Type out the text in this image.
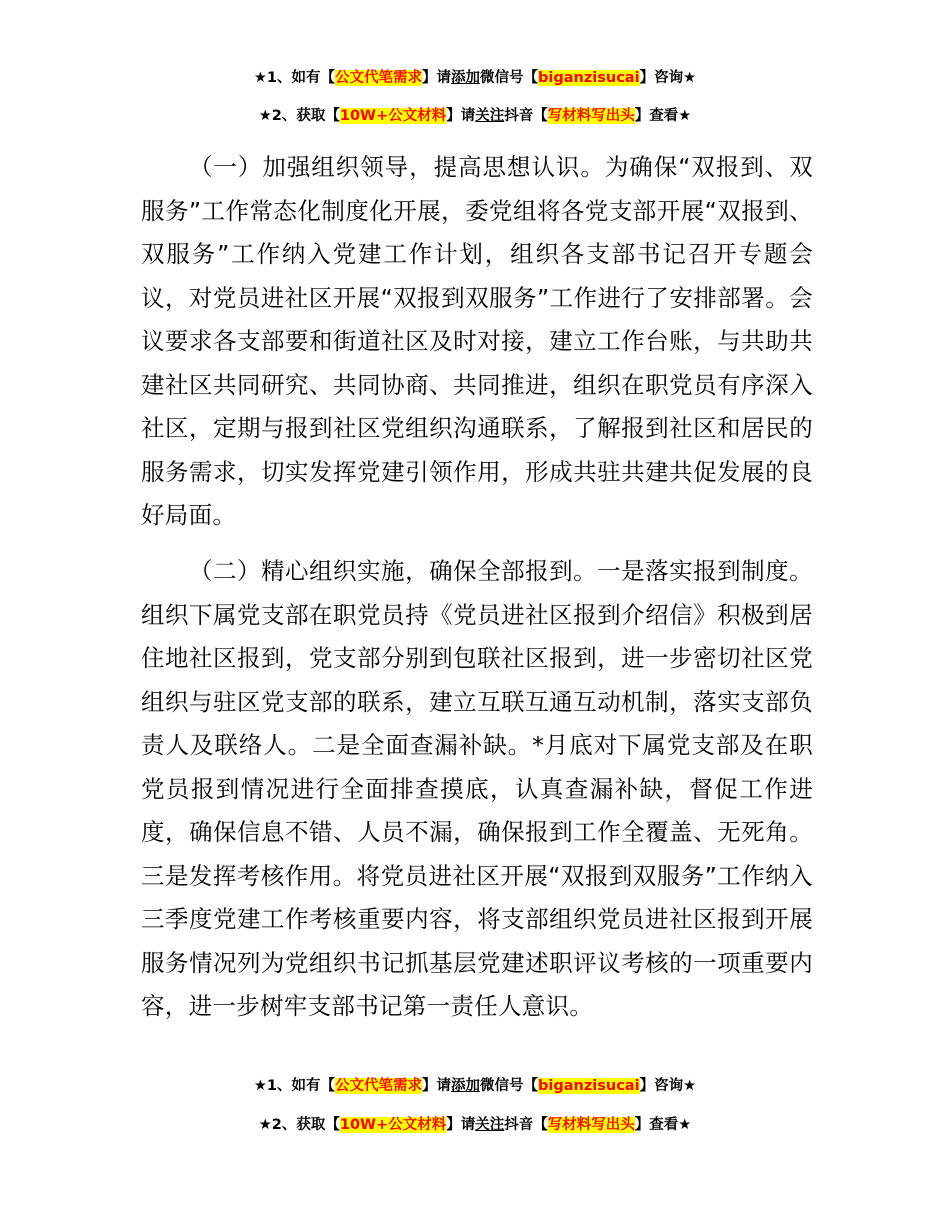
★1、如有【公文代笔需求】请添加微信号【biganzisucai】咨询★
★2、获取【10W+公文材料】请关注抖音【写材料写出头】查看★

（一）加强组织领导，提高思想认识。为确保“双报到、双服务”工作常态化制度化开展，委党组将各党支部开展“双报到、双服务”工作纳入党建工作计划，组织各支部书记召开专题会议，对党员进社区开展“双报到双服务”工作进行了安排部署。会议要求各支部要和街道社区及时对接，建立工作台账，与共助共建社区共同研究、共同协商、共同推进，组织在职党员有序深入社区，定期与报到社区党组织沟通联系，了解报到社区和居民的服务需求，切实发挥党建引领作用，形成共驻共建共促发展的良好局面。

（二）精心组织实施，确保全部报到。一是落实报到制度。组织下属党支部在职党员持《党员进社区报到介绍信》积极到居住地社区报到，党支部分别到包联社区报到，进一步密切社区党组织与驻区党支部的联系，建立互联互通互动机制，落实支部负责人及联络人。二是全面查漏补缺。*月底对下属党支部及在职党员报到情况进行全面排查摸底，认真查漏补缺，督促工作进度，确保信息不错、人员不漏，确保报到工作全覆盖、无死角。三是发挥考核作用。将党员进社区开展“双报到双服务”工作纳入三季度党建工作考核重要内容，将支部组织党员进社区报到开展服务情况列为党组织书记抓基层党建述职评议考核的一项重要内容，进一步树牢支部书记第一责任人意识。

★1、如有【公文代笔需求】请添加微信号【biganzisucai】咨询★
★2、获取【10W+公文材料】请关注抖音【写材料写出头】查看★
